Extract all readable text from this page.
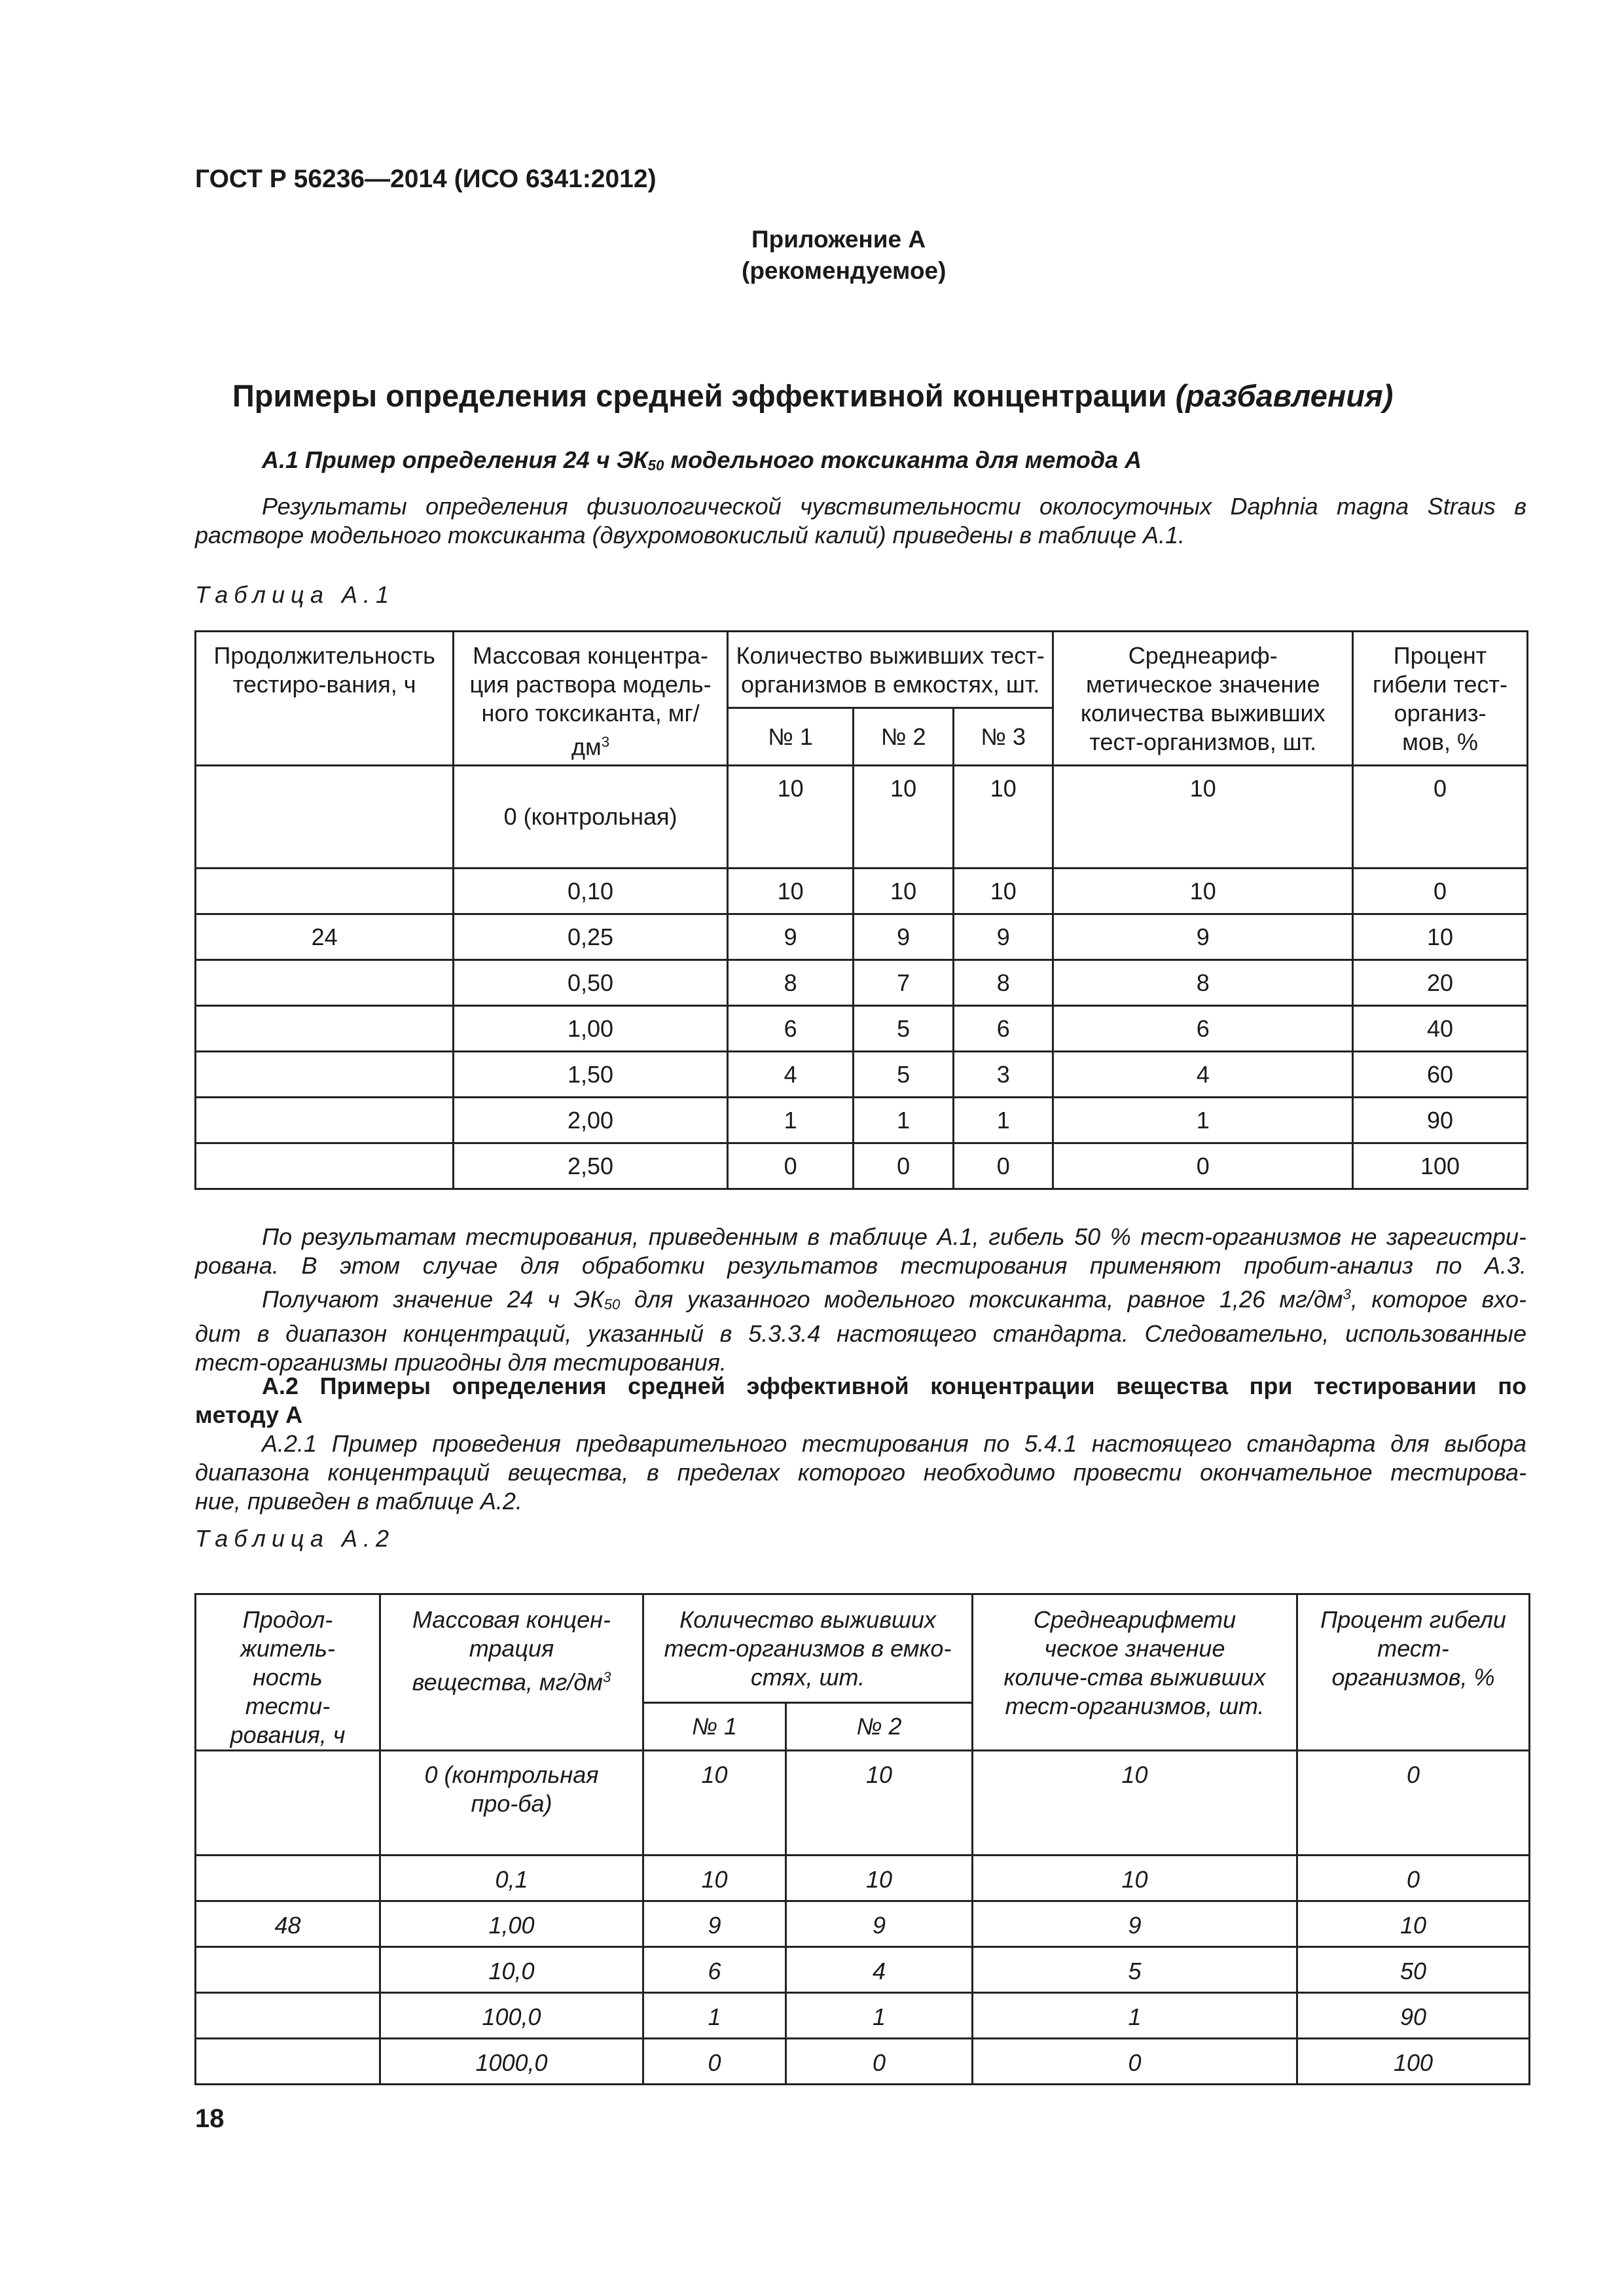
ГОСТ Р 56236—2014 (ИСО 6341:2012)
Приложение А
(рекомендуемое)
Примеры определения средней эффективной концентрации (разбавления)
А.1 Пример определения 24 ч $ЭК_{50}$ модельного токсиканта для метода А
Результаты определения физиологической чувствительности околосуточных Daphnia magna Straus в
растворе модельного токсиканта (двухромовокислый калий) приведены в таблице А.1.
Таблица А.1
Продолжительность тестиро-вания, ч	Массовая концентра-ция раствора модель-ного токсиканта, $мг/дм^3$	Количество выживших тест-организмов в емкостях, шт.			Среднеариф-метическое значение количества выживших тест-организмов, шт.	Процент гибели тест-организ-мов, %

		№ 1	№ 2	№ 3		

	0 (контрольная)	10	10	10	10	0
	0,10	10	10	10	10	0
24	0,25	9	9	9	9	10
	0,50	8	7	8	8	20
	1,00	6	5	6	6	40
	1,50	4	5	3	4	60
	2,00	1	1	1	1	90
	2,50	0	0	0	0	100
По результатам тестирования, приведенным в таблице А.1, гибель 50 % тест-организмов не зарегистри-
рована. В этом случае для обработки результатов тестирования применяют пробит-анализ по А.3.
Получают значение 24 ч $ЭК_{50}$ для указанного модельного токсиканта, равное 1,26 $мг/дм^3$, которое вхо-
дит в диапазон концентраций, указанный в 5.3.3.4 настоящего стандарта. Следовательно, использованные
тест-организмы пригодны для тестирования.
А.2 Примеры определения средней эффективной концентрации вещества при тестировании по
методу А
А.2.1 Пример проведения предварительного тестирования по 5.4.1 настоящего стандарта для выбора
диапазона концентраций вещества, в пределах которого необходимо провести окончательное тестирова-
ние, приведен в таблице А.2.
Таблица А.2
Продол-житель-ность тести-рования, ч	Массовая концен-трация вещества, $мг/дм^3$	Количество выживших тест-организмов в емко-стях, шт.		Среднеарифмети ческое значение количе-ства выживших тест-организмов, шт.	Процент гибели тест-организмов, %

		№ 1	№ 2		

	0 (контрольная про-ба)	10	10	10	0
	0,1	10	10	10	0
48	1,00	9	9	9	10
	10,0	6	4	5	50
	100,0	1	1	1	90
	1000,0	0	0	0	100
18
